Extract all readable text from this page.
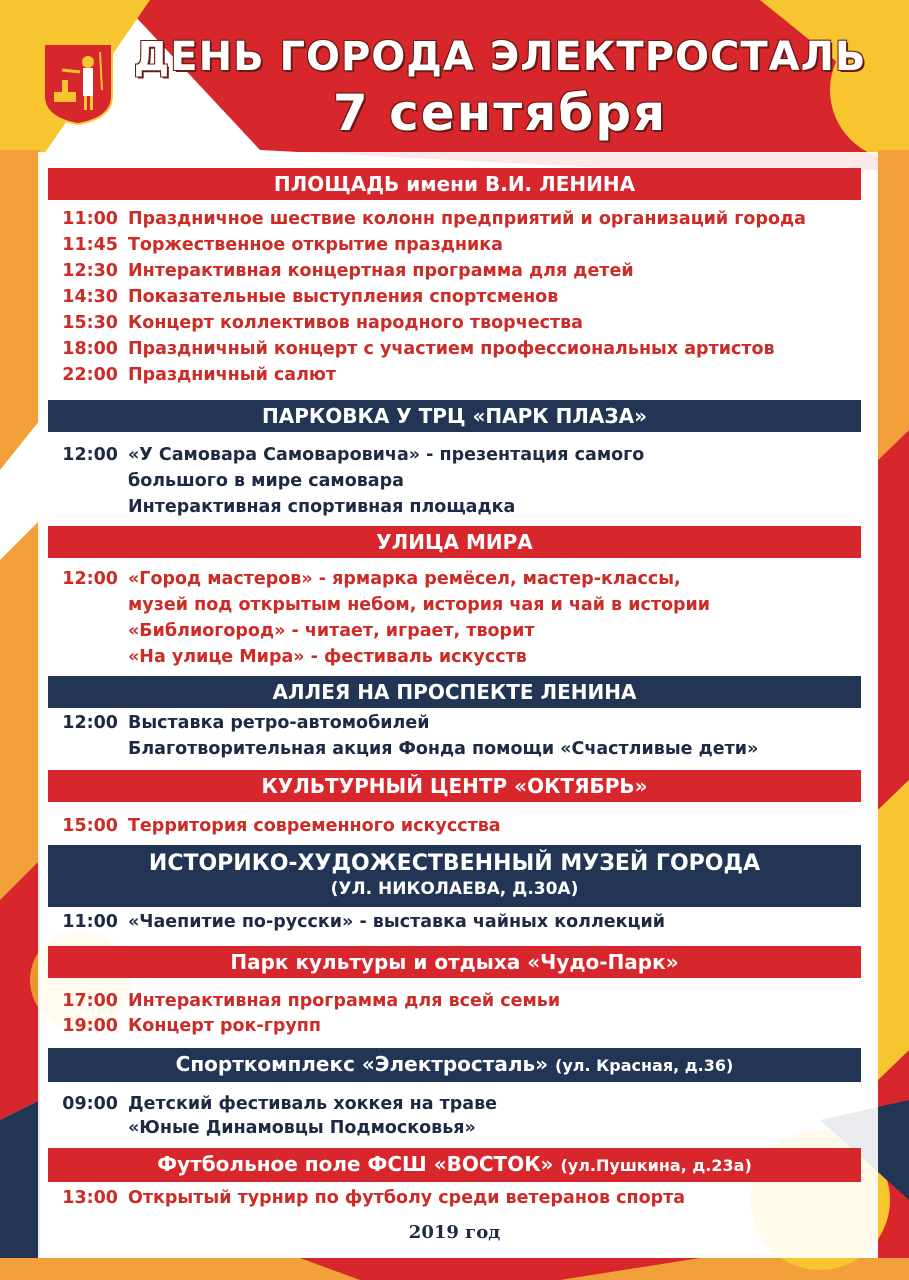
ДЕНЬ ГОРОДА ЭЛЕКТРОСТАЛЬ
7 сентября
ПЛОЩАДЬ имени В.И. ЛЕНИНА
11:00 Праздничное шествие колонн предприятий и организаций города
11:45 Торжественное открытие праздника
12:30 Интерактивная концертная программа для детей
14:30 Показательные выступления спортсменов
15:30 Концерт коллективов народного творчества
18:00 Праздничный концерт с участием профессиональных артистов
22:00 Праздничный салют
ПАРКОВКА У ТРЦ «ПАРК ПЛАЗА»
12:00 «У Самовара Самоваровича» - презентация самого
большого в мире самовара
Интерактивная спортивная площадка
УЛИЦА МИРА
12:00 «Город мастеров» - ярмарка ремёсел, мастер-классы,
музей под открытым небом, история чая и чай в истории
«Библиогород» - читает, играет, творит
«На улице Мира» - фестиваль искусств
АЛЛЕЯ НА ПРОСПЕКТЕ ЛЕНИНА
12:00 Выставка ретро-автомобилей
Благотворительная акция Фонда помощи «Счастливые дети»
КУЛЬТУРНЫЙ ЦЕНТР «ОКТЯБРЬ»
15:00 Территория современного искусства
ИСТОРИКО-ХУДОЖЕСТВЕННЫЙ МУЗЕЙ ГОРОДА
(УЛ. НИКОЛАЕВА, Д.30А)
11:00 «Чаепитие по-русски» - выставка чайных коллекций
Парк культуры и отдыха «Чудо-Парк»
17:00 Интерактивная программа для всей семьи
19:00 Концерт рок-групп
Спорткомплекс «Электросталь» (ул. Красная, д.36)
09:00 Детский фестиваль хоккея на траве
«Юные Динамовцы Подмосковья»
Футбольное поле ФСШ «ВОСТОК» (ул.Пушкина, д.23а)
13:00 Открытый турнир по футболу среди ветеранов спорта
2019 год
